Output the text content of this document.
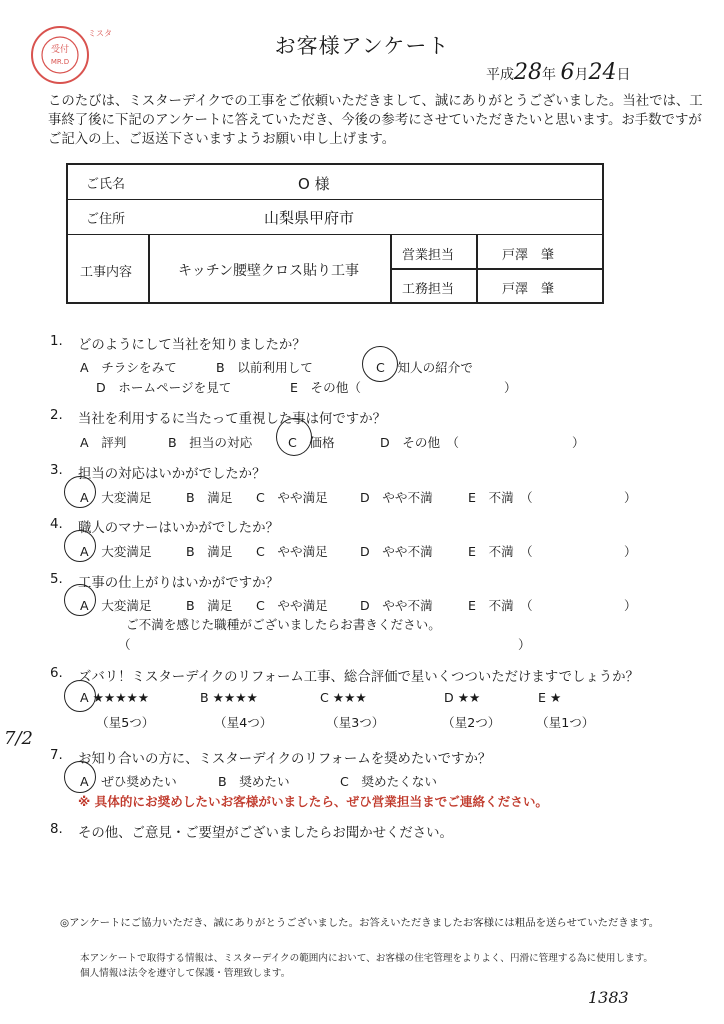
受付
MR.D
ミスタ
お客様アンケート
平成28年 6月24日
このたびは、ミスターデイクでの工事をご依頼いただきまして、誠にありがとうございました。当社では、工事終了後に下記のアンケートに答えていただき、今後の参考にさせていただきたいと思います。お手数ですがご記入の上、ご返送下さいますようお願い申し上げます。
ご氏名	O 様
ご住所	山梨県甲府市
工事内容	キッチン腰壁クロス貼り工事
営業担当	戸澤　肇
工務担当	戸澤　肇
1. どのようにして当社を知りましたか？
A　チラシをみて	B　以前利用して	C　知人の紹介で
D　ホームページを見て	E　その他（	）
2. 当社を利用するに当たって重視した事は何ですか？
A　評判	B　担当の対応	C　価格	D　その他　（	）
3. 担当の対応はいかがでしたか？
A　大変満足	B　満足 C　やや満足	D　やや不満	E　不満　（	）
4. 職人のマナーはいかがでしたか？
A　大変満足	B　満足 C　やや満足	D　やや不満	E　不満　（	）
5. 工事の仕上がりはいかがですか？
A　大変満足	B　満足 C　やや満足	D　やや不満	E　不満　（	）
ご不満を感じた職種がございましたらお書きください。
（	）
6. ズバリ！ミスターデイクのリフォーム工事、総合評価で星いくつついただけますでしょうか？
A ★★★★★	B ★★★★	C ★★★	D ★★	E ★
（星5つ）	（星4つ）	（星3つ）	（星2つ）	（星1つ）
7/2
7. お知り合いの方に、ミスターデイクのリフォームを奨めたいですか？
A　ぜひ奨めたい	B　奨めたい	C　奨めたくない
※ 具体的にお奨めしたいお客様がいましたら、ぜひ営業担当までご連絡ください。
8. その他、ご意見・ご要望がございましたらお聞かせください。
◎アンケートにご協力いただき、誠にありがとうございました。お答えいただきましたお客様には粗品を送らせていただきます。
本アンケートで取得する情報は、ミスターデイクの範囲内において、お客様の住宅管理をよりよく、円滑に管理する為に使用します。
個人情報は法令を遵守して保護・管理致します。
1383
